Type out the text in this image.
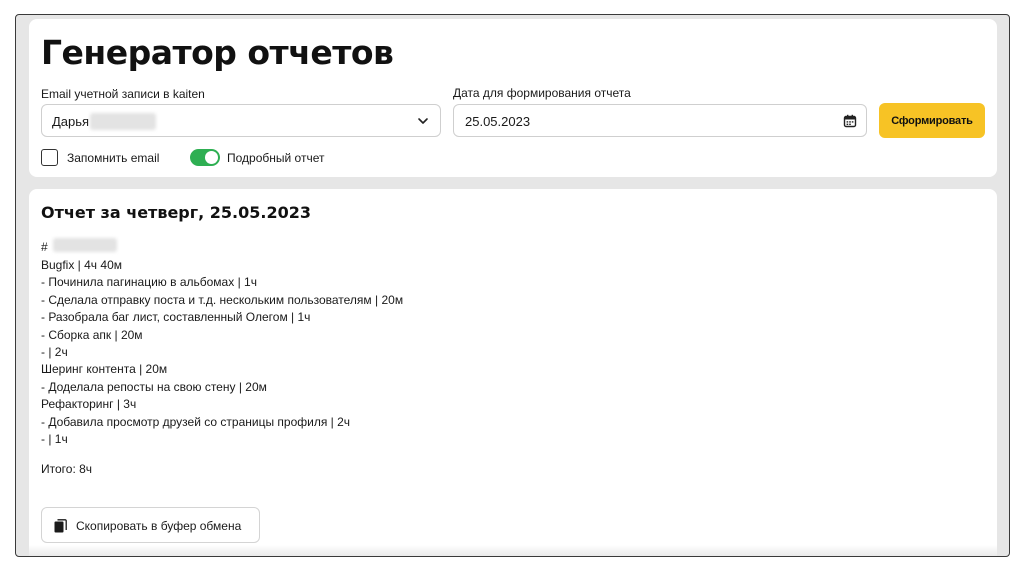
Генератор отчетов
Email учетной записи в kaiten
Дарья
Дата для формирования отчета
25.05.2023	Сформировать
Запомнить email	Подробный отчет
Отчет за четверг, 25.05.2023
#
Bugfix | 4ч 40м
- Починила пагинацию в альбомах | 1ч
- Сделала отправку поста и т.д. нескольким пользователям | 20м
- Разобрала баг лист, составленный Олегом | 1ч
- Сборка апк | 20м
- | 2ч
Шеринг контента | 20м
- Доделала репосты на свою стену | 20м
Рефакторинг | 3ч
- Добавила просмотр друзей со страницы профиля | 2ч
- | 1ч
Итого: 8ч
Скопировать в буфер обмена
